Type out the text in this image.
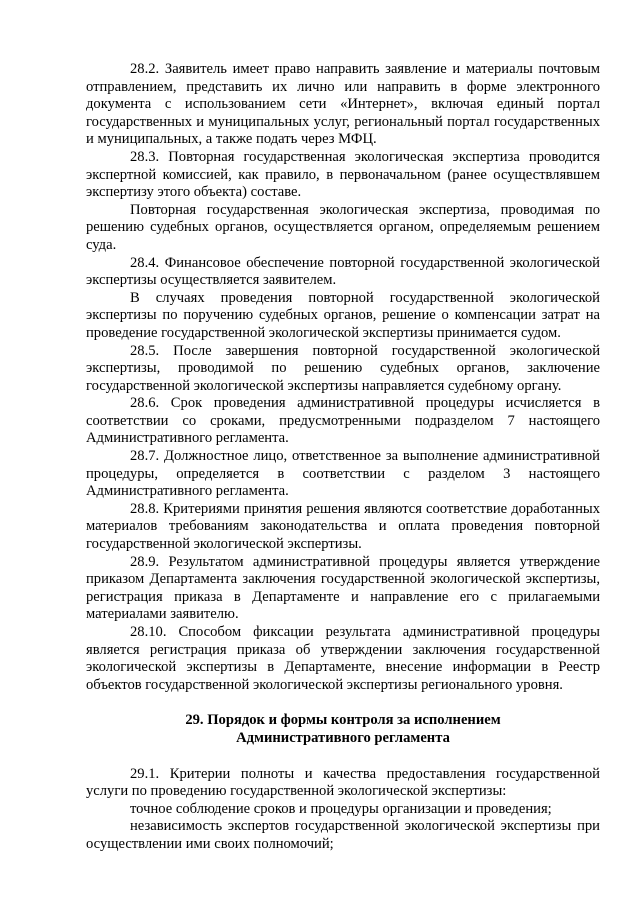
28.2. Заявитель имеет право направить заявление и материалы почтовым отправлением, представить их лично или направить в форме электронного документа с использованием сети «Интернет», включая единый портал государственных и муниципальных услуг, региональный портал государственных и муниципальных, а также подать через МФЦ.

28.3. Повторная государственная экологическая экспертиза проводится экспертной комиссией, как правило, в первоначальном (ранее осуществлявшем экспертизу этого объекта) составе.

Повторная государственная экологическая экспертиза, проводимая по решению судебных органов, осуществляется органом, определяемым решением суда.

28.4. Финансовое обеспечение повторной государственной экологической экспертизы осуществляется заявителем.

В случаях проведения повторной государственной экологической экспертизы по поручению судебных органов, решение о компенсации затрат на проведение государственной экологической экспертизы принимается судом.

28.5. После завершения повторной государственной экологической экспертизы, проводимой по решению судебных органов, заключение государственной экологической экспертизы направляется судебному органу.

28.6. Срок проведения административной процедуры исчисляется в соответствии со сроками, предусмотренными подразделом 7 настоящего Административного регламента.

28.7. Должностное лицо, ответственное за выполнение административной процедуры, определяется в соответствии с разделом 3 настоящего Административного регламента.

28.8. Критериями принятия решения являются соответствие доработанных материалов требованиям законодательства и оплата проведения повторной государственной экологической экспертизы.

28.9. Результатом административной процедуры является утверждение приказом Департамента заключения государственной экологической экспертизы, регистрация приказа в Департаменте и направление его с прилагаемыми материалами заявителю.

28.10. Способом фиксации результата административной процедуры является регистрация приказа об утверждении заключения государственной экологической экспертизы в Департаменте, внесение информации в Реестр объектов государственной экологической экспертизы регионального уровня.

29. Порядок и формы контроля за исполнением
Административного регламента

29.1. Критерии полноты и качества предоставления государственной услуги по проведению государственной экологической экспертизы:

точное соблюдение сроков и процедуры организации и проведения;

независимость экспертов государственной экологической экспертизы при осуществлении ими своих полномочий;
